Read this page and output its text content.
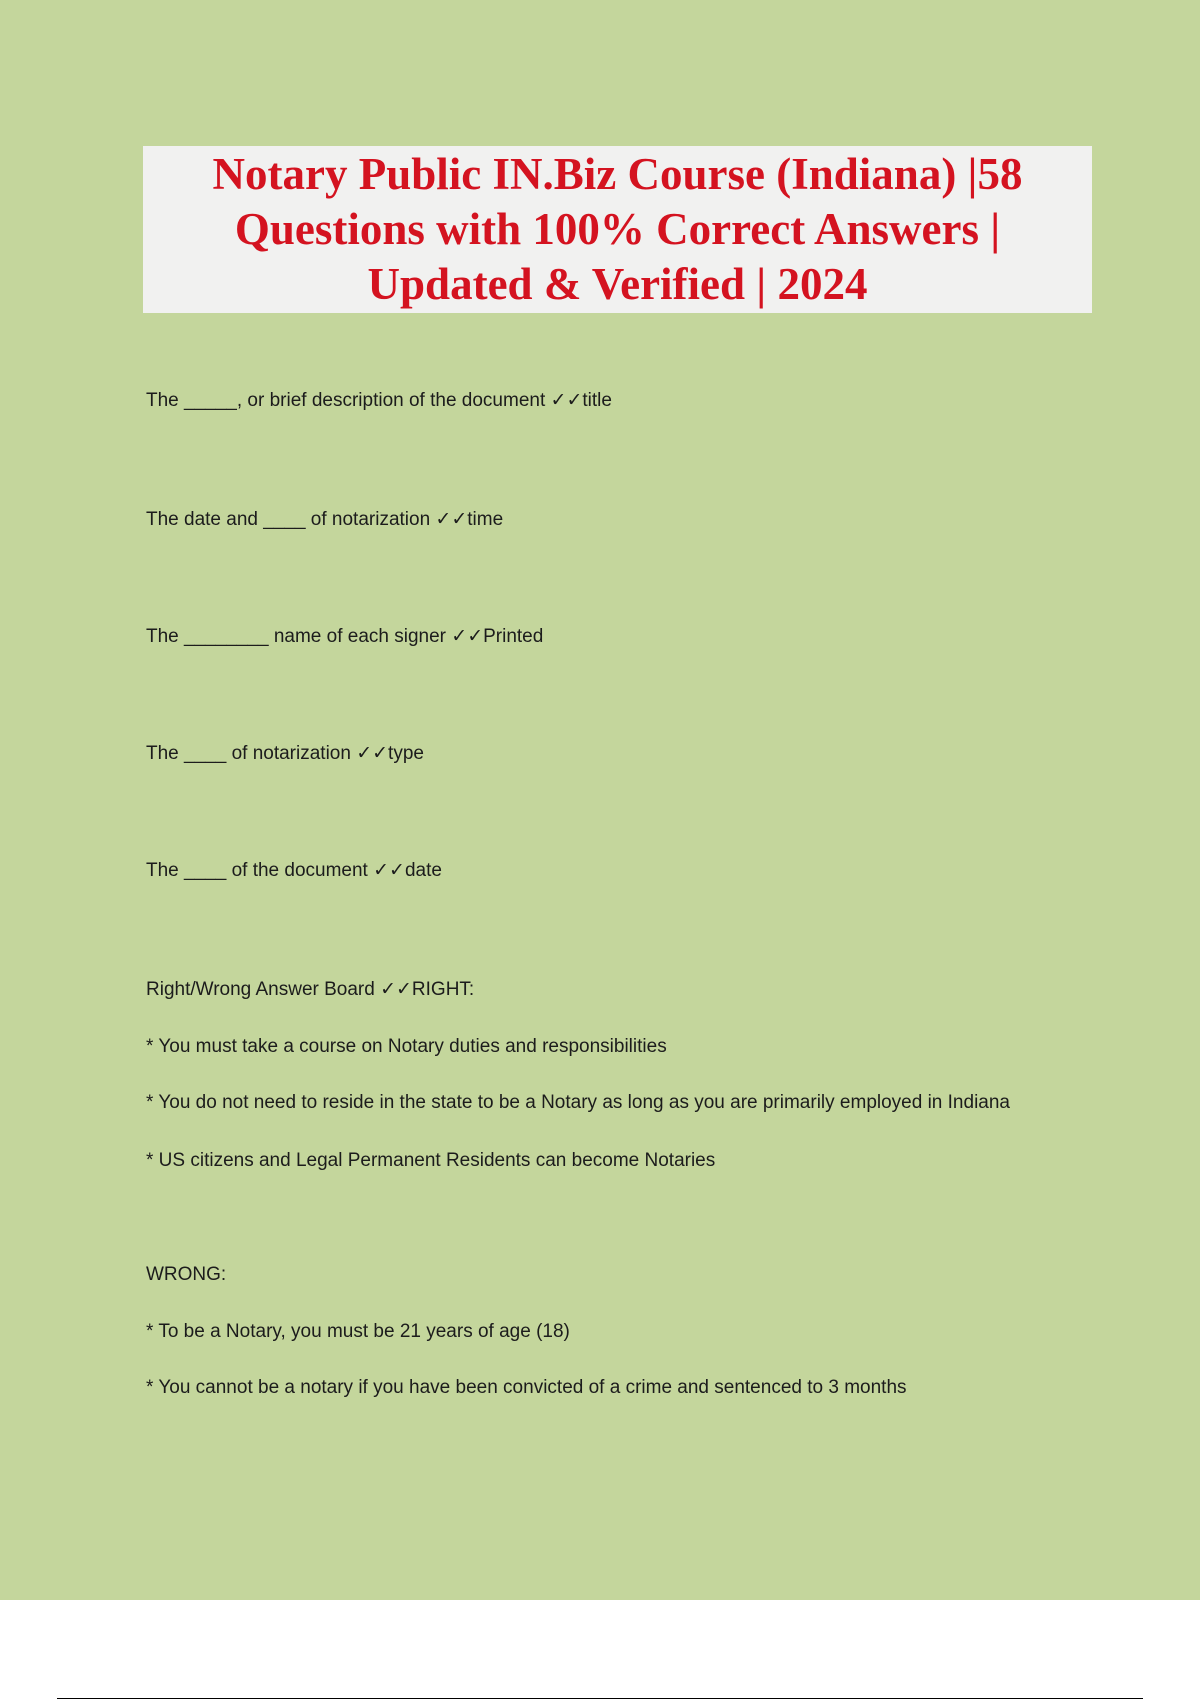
Notary Public IN.Biz Course (Indiana) |58 Questions with 100% Correct Answers | Updated & Verified | 2024

The _____, or brief description of the document ✓✓title

The date and ____ of notarization ✓✓time

The ________ name of each signer ✓✓Printed

The ____ of notarization ✓✓type

The ____ of the document ✓✓date

Right/Wrong Answer Board ✓✓RIGHT:

* You must take a course on Notary duties and responsibilities

* You do not need to reside in the state to be a Notary as long as you are primarily employed in Indiana

* US citizens and Legal Permanent Residents can become Notaries

WRONG:

* To be a Notary, you must be 21 years of age (18)

* You cannot be a notary if you have been convicted of a crime and sentenced to 3 months
